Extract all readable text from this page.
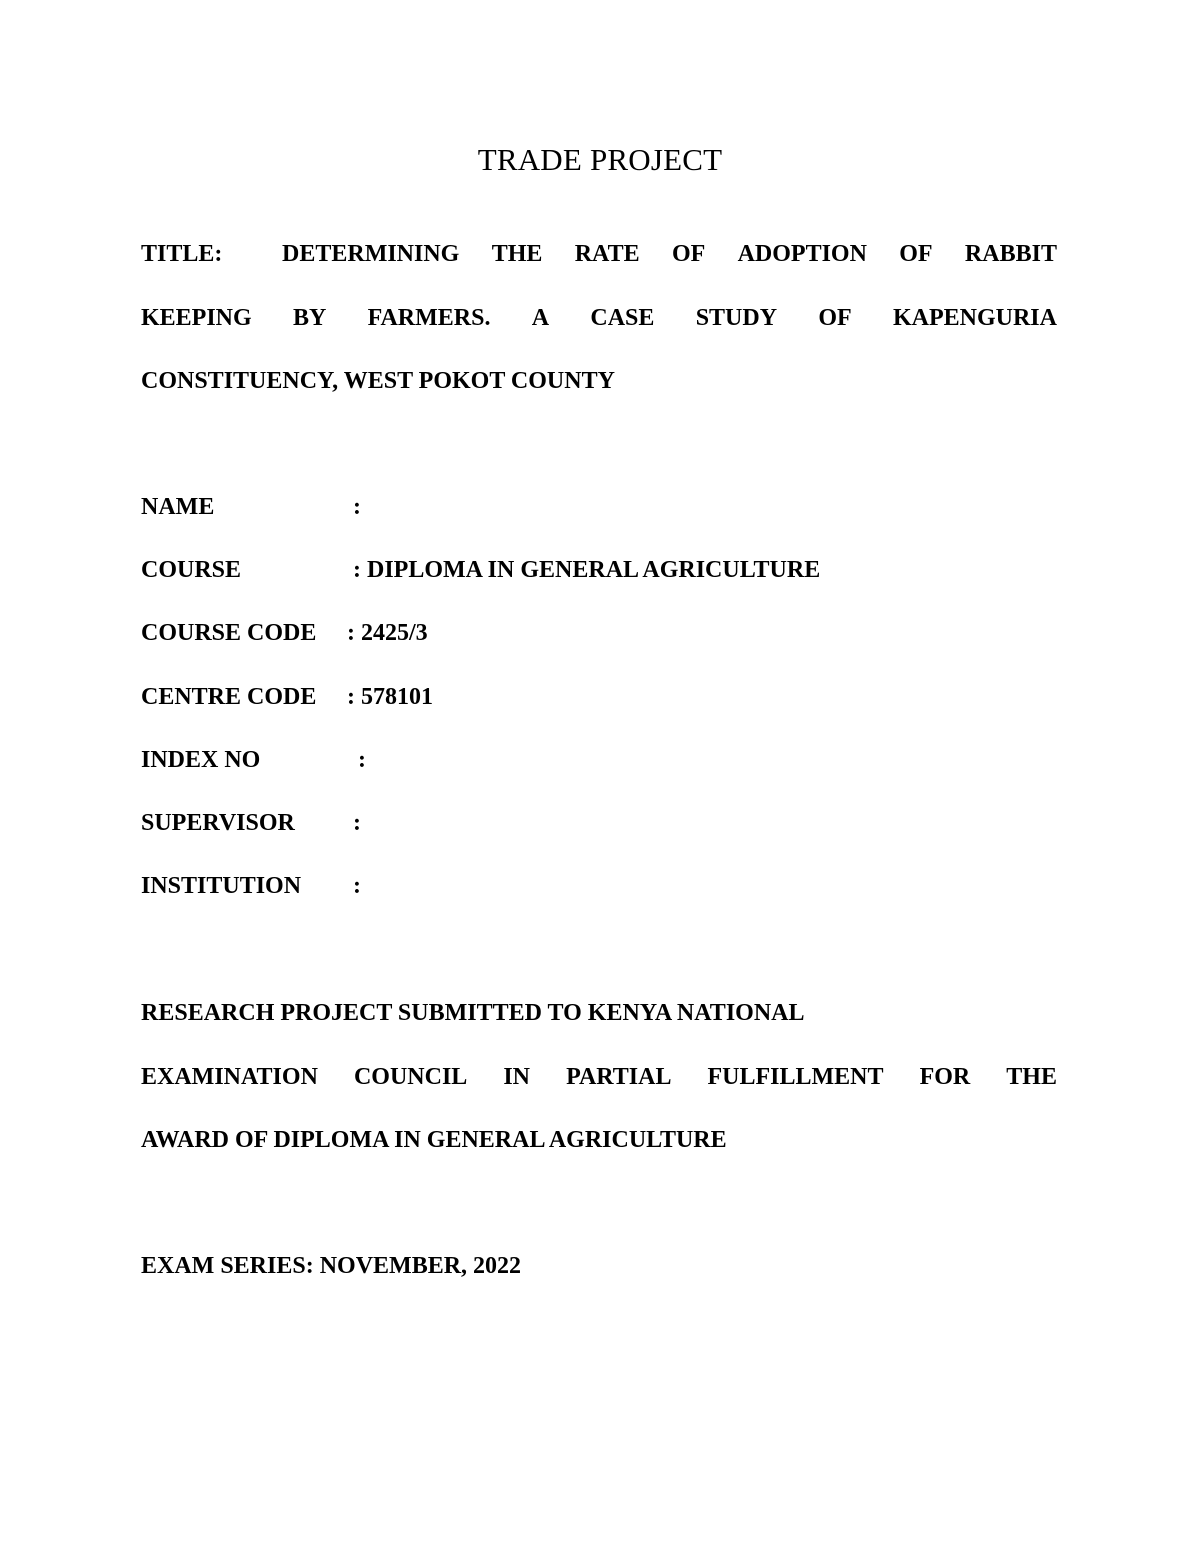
TRADE PROJECT
TITLE:	DETERMINING THE RATE OF ADOPTION OF RABBIT
KEEPING BY FARMERS. A CASE STUDY OF KAPENGURIA
CONSTITUENCY, WEST POKOT COUNTY
NAME	:
COURSE	: DIPLOMA IN GENERAL AGRICULTURE
COURSE CODE	: 2425/3
CENTRE CODE	: 578101
INDEX NO	:
SUPERVISOR	:
INSTITUTION	:
RESEARCH PROJECT SUBMITTED TO KENYA NATIONAL
EXAMINATION COUNCIL IN PARTIAL FULFILLMENT FOR THE
AWARD OF DIPLOMA IN GENERAL AGRICULTURE
EXAM SERIES: NOVEMBER, 2022
